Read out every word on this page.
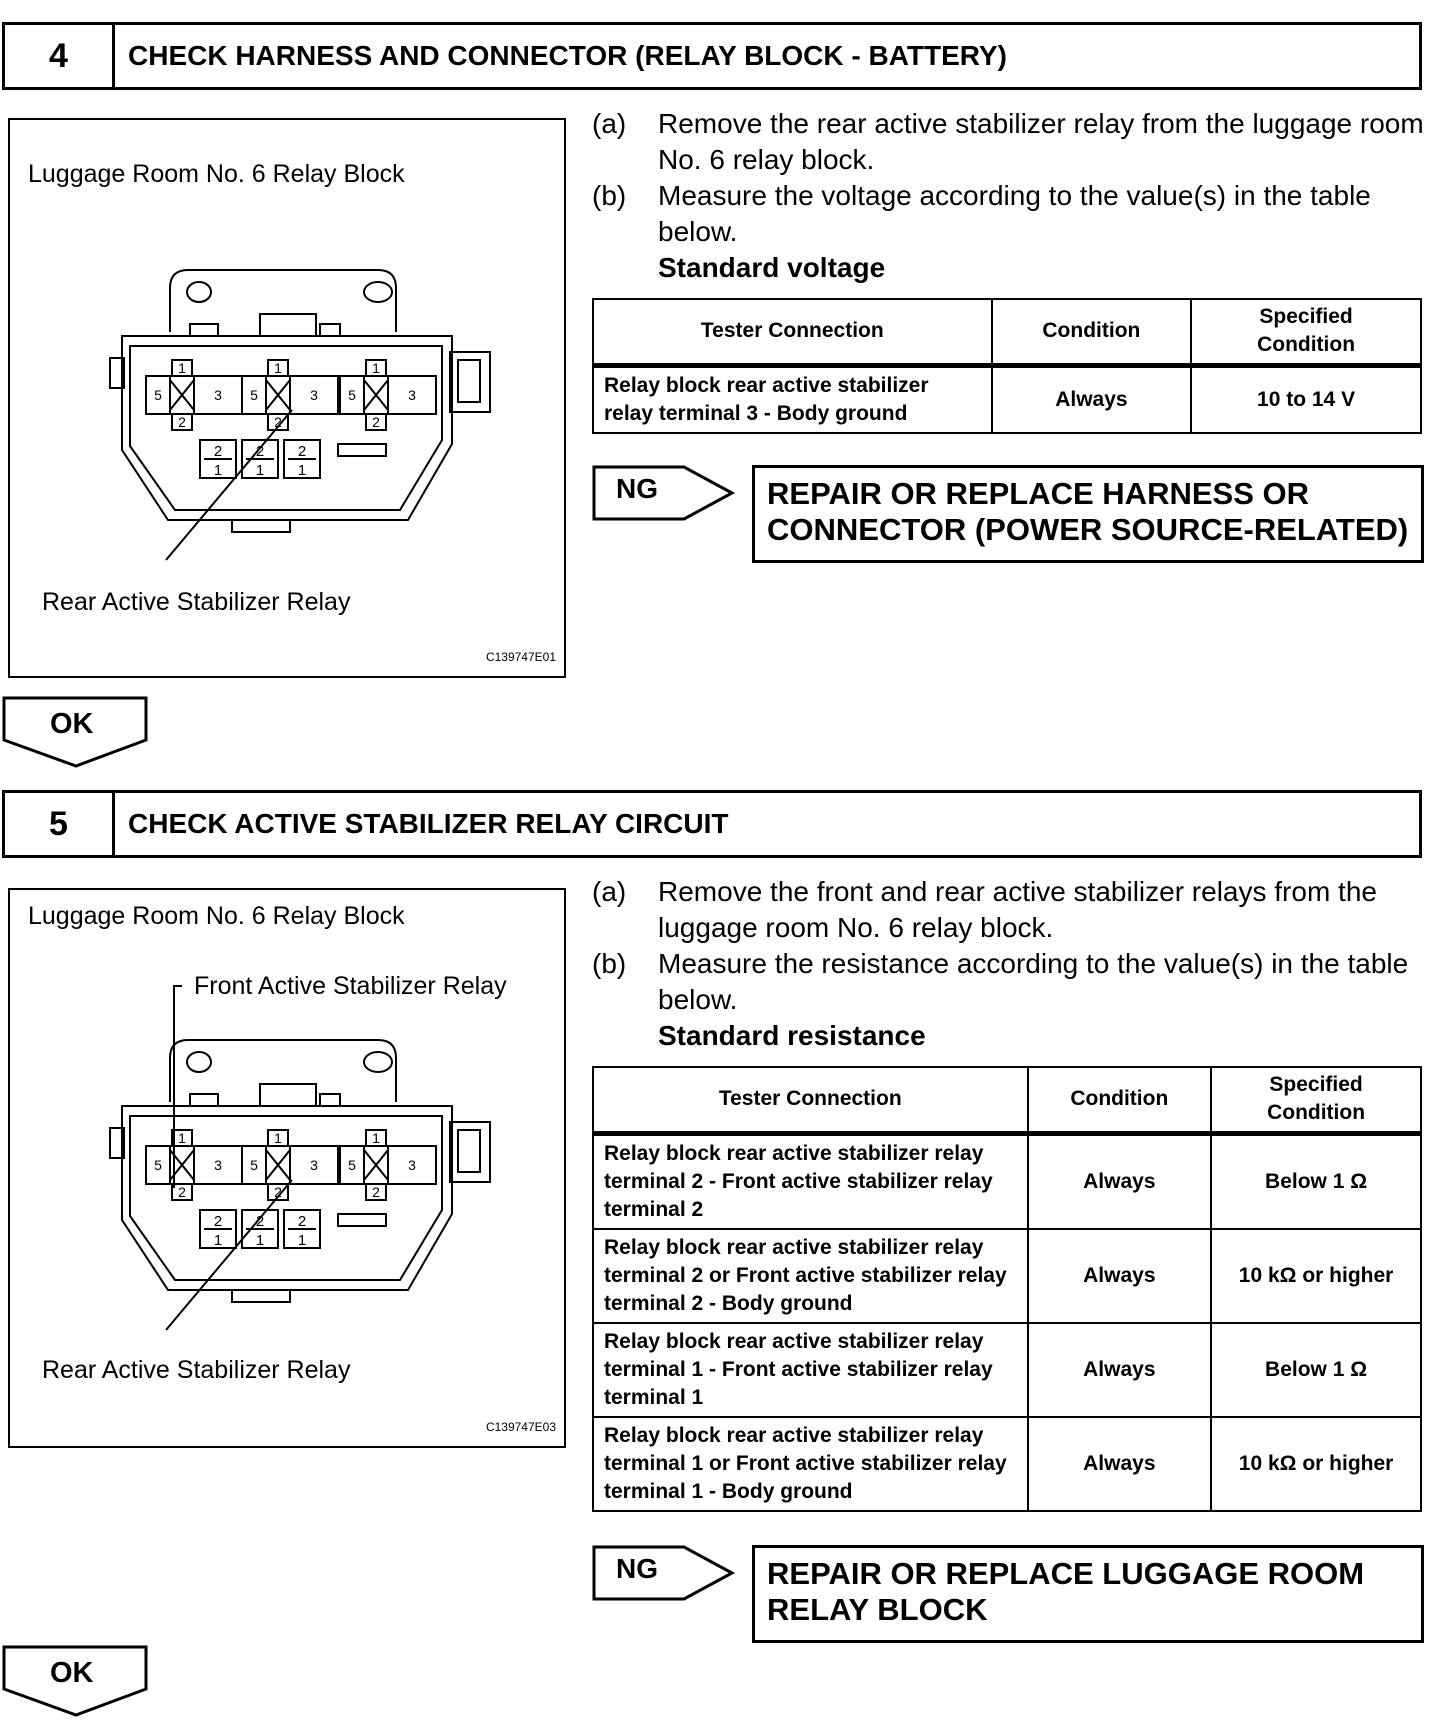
4	CHECK HARNESS AND CONNECTOR (RELAY BLOCK - BATTERY)
1
2
5	3
1
2
5	3
1
2
5	3
2
1
2
1
2
1
Luggage Room No. 6 Relay Block
Rear Active Stabilizer Relay
C139747E01
(a)	Remove the rear active stabilizer relay from the luggage room No. 6 relay block.
(b)	Measure the voltage according to the value(s) in the table below.
Standard voltage
Tester Connection	Condition	Specified Condition
Relay block rear active stabilizer relay terminal 3 - Body ground	Always	10 to 14 V
NG	REPAIR OR REPLACE HARNESS OR CONNECTOR (POWER SOURCE-RELATED)
OK
5	CHECK ACTIVE STABILIZER RELAY CIRCUIT
1
2
5	3
1
2
5	3
1
2
5	3
2
1
2
1
2
1
Luggage Room No. 6 Relay Block
Front Active Stabilizer Relay
Rear Active Stabilizer Relay
C139747E03
(a)	Remove the front and rear active stabilizer relays from the luggage room No. 6 relay block.
(b)	Measure the resistance according to the value(s) in the table below.
Standard resistance
Tester Connection	Condition	Specified Condition
Relay block rear active stabilizer relay terminal 2 - Front active stabilizer relay terminal 2	Always	Below 1 Ω
Relay block rear active stabilizer relay terminal 2 or Front active stabilizer relay terminal 2 - Body ground	Always	10 kΩ or higher
Relay block rear active stabilizer relay terminal 1 - Front active stabilizer relay terminal 1	Always	Below 1 Ω
Relay block rear active stabilizer relay terminal 1 or Front active stabilizer relay terminal 1 - Body ground	Always	10 kΩ or higher
NG	REPAIR OR REPLACE LUGGAGE ROOM RELAY BLOCK
OK
